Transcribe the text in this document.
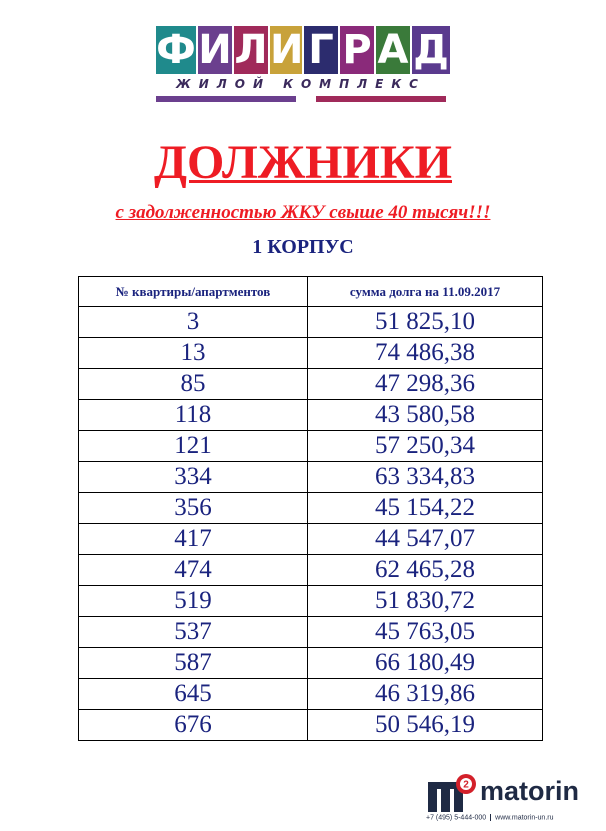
Ф И Л И Г Р А Д
ЖИЛОЙ КОМПЛЕКС
ДОЛЖНИКИ
с задолженностью ЖКУ свыше 40 тысяч!!!
1 КОРПУС
№ квартиры/апартментов	сумма долга на 11.09.2017
3	51 825,10
13	74 486,38
85	47 298,36
118	43 580,58
121	57 250,34
334	63 334,83
356	45 154,22
417	44 547,07
474	62 465,28
519	51 830,72
537	45 763,05
587	66 180,49
645	46 319,86
676	50 546,19
2 matorin
+7 (495) 5-444-000 www.matorin-un.ru
